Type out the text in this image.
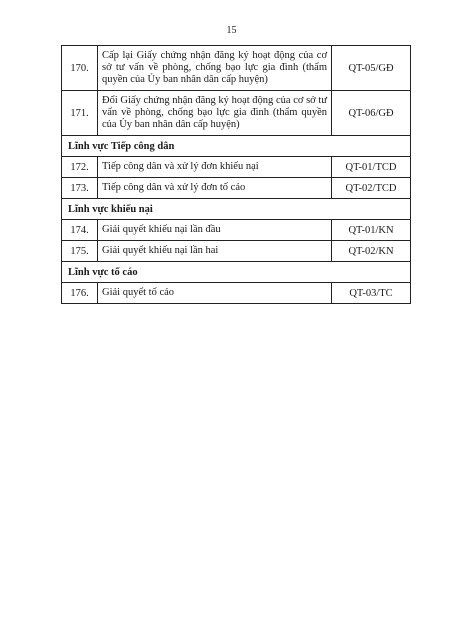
15
170.	Cấp lại Giấy chứng nhận đăng ký hoạt động của cơ sở tư vấn về phòng, chống bạo lực gia đình (thẩm quyền của Ủy ban nhân dân cấp huyện)	QT-05/GĐ
171.	Đổi Giấy chứng nhận đăng ký hoạt động của cơ sở tư vấn về phòng, chống bạo lực gia đình (thẩm quyền của Ủy ban nhân dân cấp huyện)	QT-06/GĐ
Lĩnh vực Tiếp công dân		
172.	Tiếp công dân và xử lý đơn khiếu nại	QT-01/TCD
173.	Tiếp công dân và xử lý đơn tố cáo	QT-02/TCD
Lĩnh vực khiếu nại		
174.	Giải quyết khiếu nại lần đầu	QT-01/KN
175.	Giải quyết khiếu nại lần hai	QT-02/KN
Lĩnh vực tố cáo		
176.	Giải quyết tố cáo	QT-03/TC
